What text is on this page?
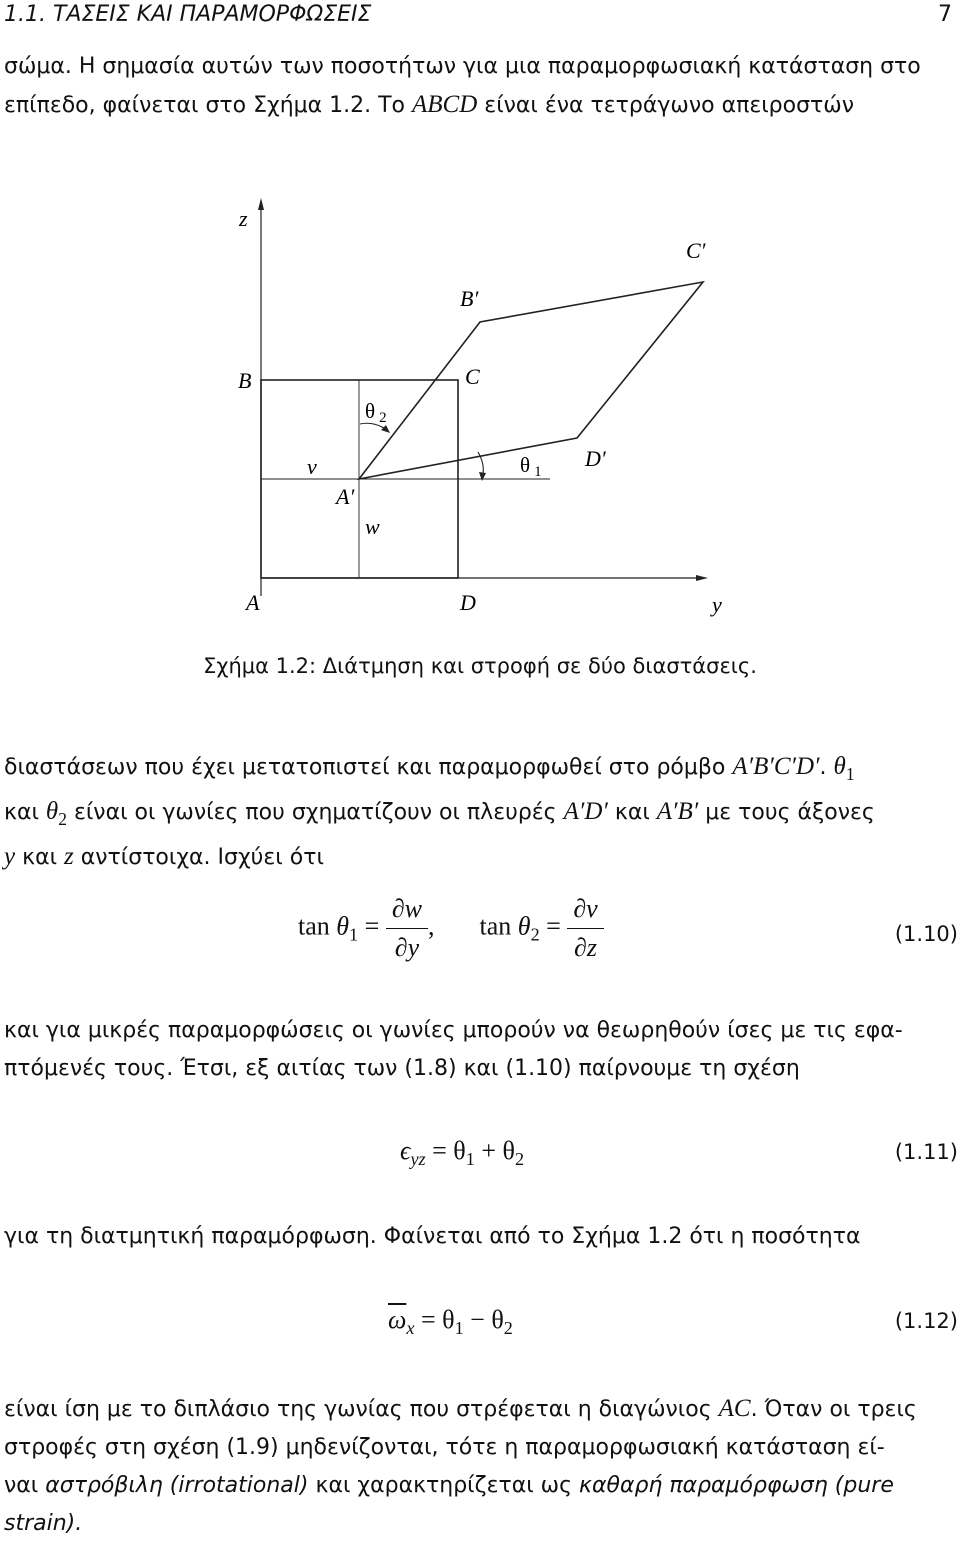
1.1. ΤΑΣΕΙΣ ΚΑΙ ΠΑΡΑΜΟΡΦΩΣΕΙΣ	7
σώμα. Η σημασία αυτών των ποσοτήτων για μια παραμορφωσιακή κατάσταση στο
επίπεδο, φαίνεται στο Σχήμα 1.2. Το ABCD είναι ένα τετράγωνο απειροστών
z
y
A
B	C
D
A′
B′
C′
D′
v
w
θ 2
θ 1
Σχήμα 1.2: Διάτμηση και στροφή σε δύο διαστάσεις.
διαστάσεων που έχει μετατοπιστεί και παραμορφωθεί στο ρόμβο A′B′C′D′. $\theta_1$
και $\theta_2$ είναι οι γωνίες που σχηματίζουν οι πλευρές A′D′ και A′B′ με τους άξονες
y και z αντίστοιχα. Ισχύει ότι
$\tan \theta_1 = \frac{\partial w}{\partial y}$ , $\tan \theta_2 = \frac{\partial v}{\partial z}$	(1.10)
και για μικρές παραμορφώσεις οι γωνίες μπορούν να θεωρηθούν ίσες με τις εφα-
πτόμενές τους. Έτσι, εξ αιτίας των (1.8) και (1.10) παίρνουμε τη σχέση
$\epsilon_{yz} = \theta_1 + \theta_2$	(1.11)
για τη διατμητική παραμόρφωση. Φαίνεται από το Σχήμα 1.2 ότι η ποσότητα
$\overline{\omega}_x = \theta_1 - \theta_2$	(1.12)
είναι ίση με το διπλάσιο της γωνίας που στρέφεται η διαγώνιος AC. Όταν οι τρεις
στροφές στη σχέση (1.9) μηδενίζονται, τότε η παραμορφωσιακή κατάσταση εί-
ναι αστρόβιλη (irrotational) και χαρακτηρίζεται ως καθαρή παραμόρφωση (pure
strain).
